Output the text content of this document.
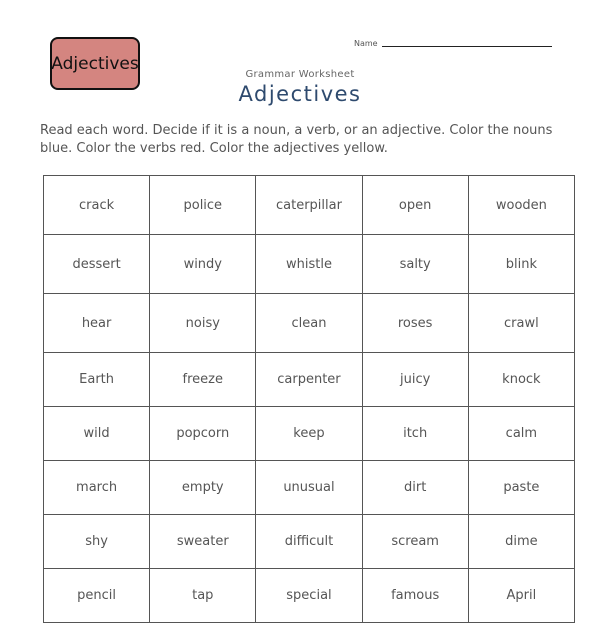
Adjectives
Name
Grammar Worksheet
Adjectives
Read each word. Decide if it is a noun, a verb, or an adjective. Color the nouns blue. Color the verbs red. Color the adjectives yellow.
crack	police	caterpillar	open	wooden
dessert	windy	whistle	salty	blink
hear	noisy	clean	roses	crawl
Earth	freeze	carpenter	juicy	knock
wild	popcorn	keep	itch	calm
march	empty	unusual	dirt	paste
shy	sweater	difficult	scream	dime
pencil	tap	special	famous	April
